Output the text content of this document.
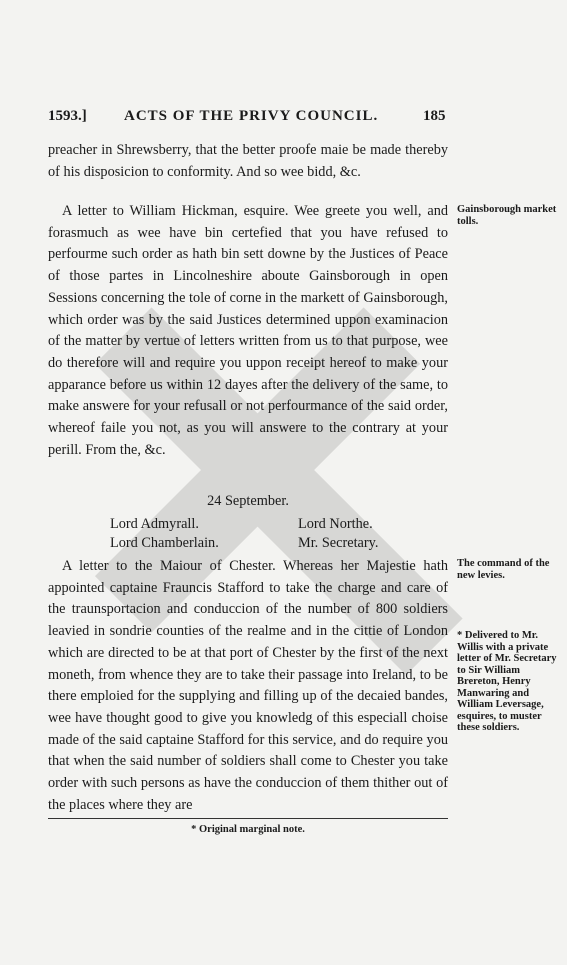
1593.] ACTS OF THE PRIVY COUNCIL.	185

preacher in Shrewsberry, that the better proofe maie be made thereby of his disposicion to conformity. And so wee bidd, &c.

Gainsborough market tolls.

A letter to William Hickman, esquire. Wee greete you well, and forasmuch as wee have bin certefied that you have refused to perfourme such order as hath bin sett downe by the Justices of Peace of those partes in Lincolneshire aboute Gainsborough in open Sessions concerning the tole of corne in the markett of Gainsborough, which order was by the said Justices determined uppon examinacion of the matter by vertue of letters written from us to that purpose, wee do therefore will and require you uppon receipt hereof to make your apparance before us within 12 dayes after the delivery of the same, to make answere for your refusall or not perfourmance of the said order, whereof faile you not, as you will answere to the contrary at your perill. From the, &c.

24 September.
Lord Admyrall.	Lord Northe.
Lord Chamberlain.	Mr. Secretary.
The command of the new levies.
* Delivered to Mr. Willis with a private letter of Mr. Secretary to Sir William Brereton, Henry Manwaring and William Leversage, esquires, to muster these soldiers.

A letter to the Maiour of Chester. Whereas her Majestie hath appointed captaine Frauncis Stafford to take the charge and care of the traunsportacion and conduccion of the number of 800 soldiers leavied in sondrie counties of the realme and in the cittie of London which are directed to be at that port of Chester by the first of the next moneth, from whence they are to take their passage into Ireland, to be there emploied for the supplying and filling up of the decaied bandes, wee have thought good to give you knowledg of this especiall choise made of the said captaine Stafford for this service, and do require you that when the said number of soldiers shall come to Chester you take order with such persons as have the conduccion of them thither out of the places where they are

* Original marginal note.
